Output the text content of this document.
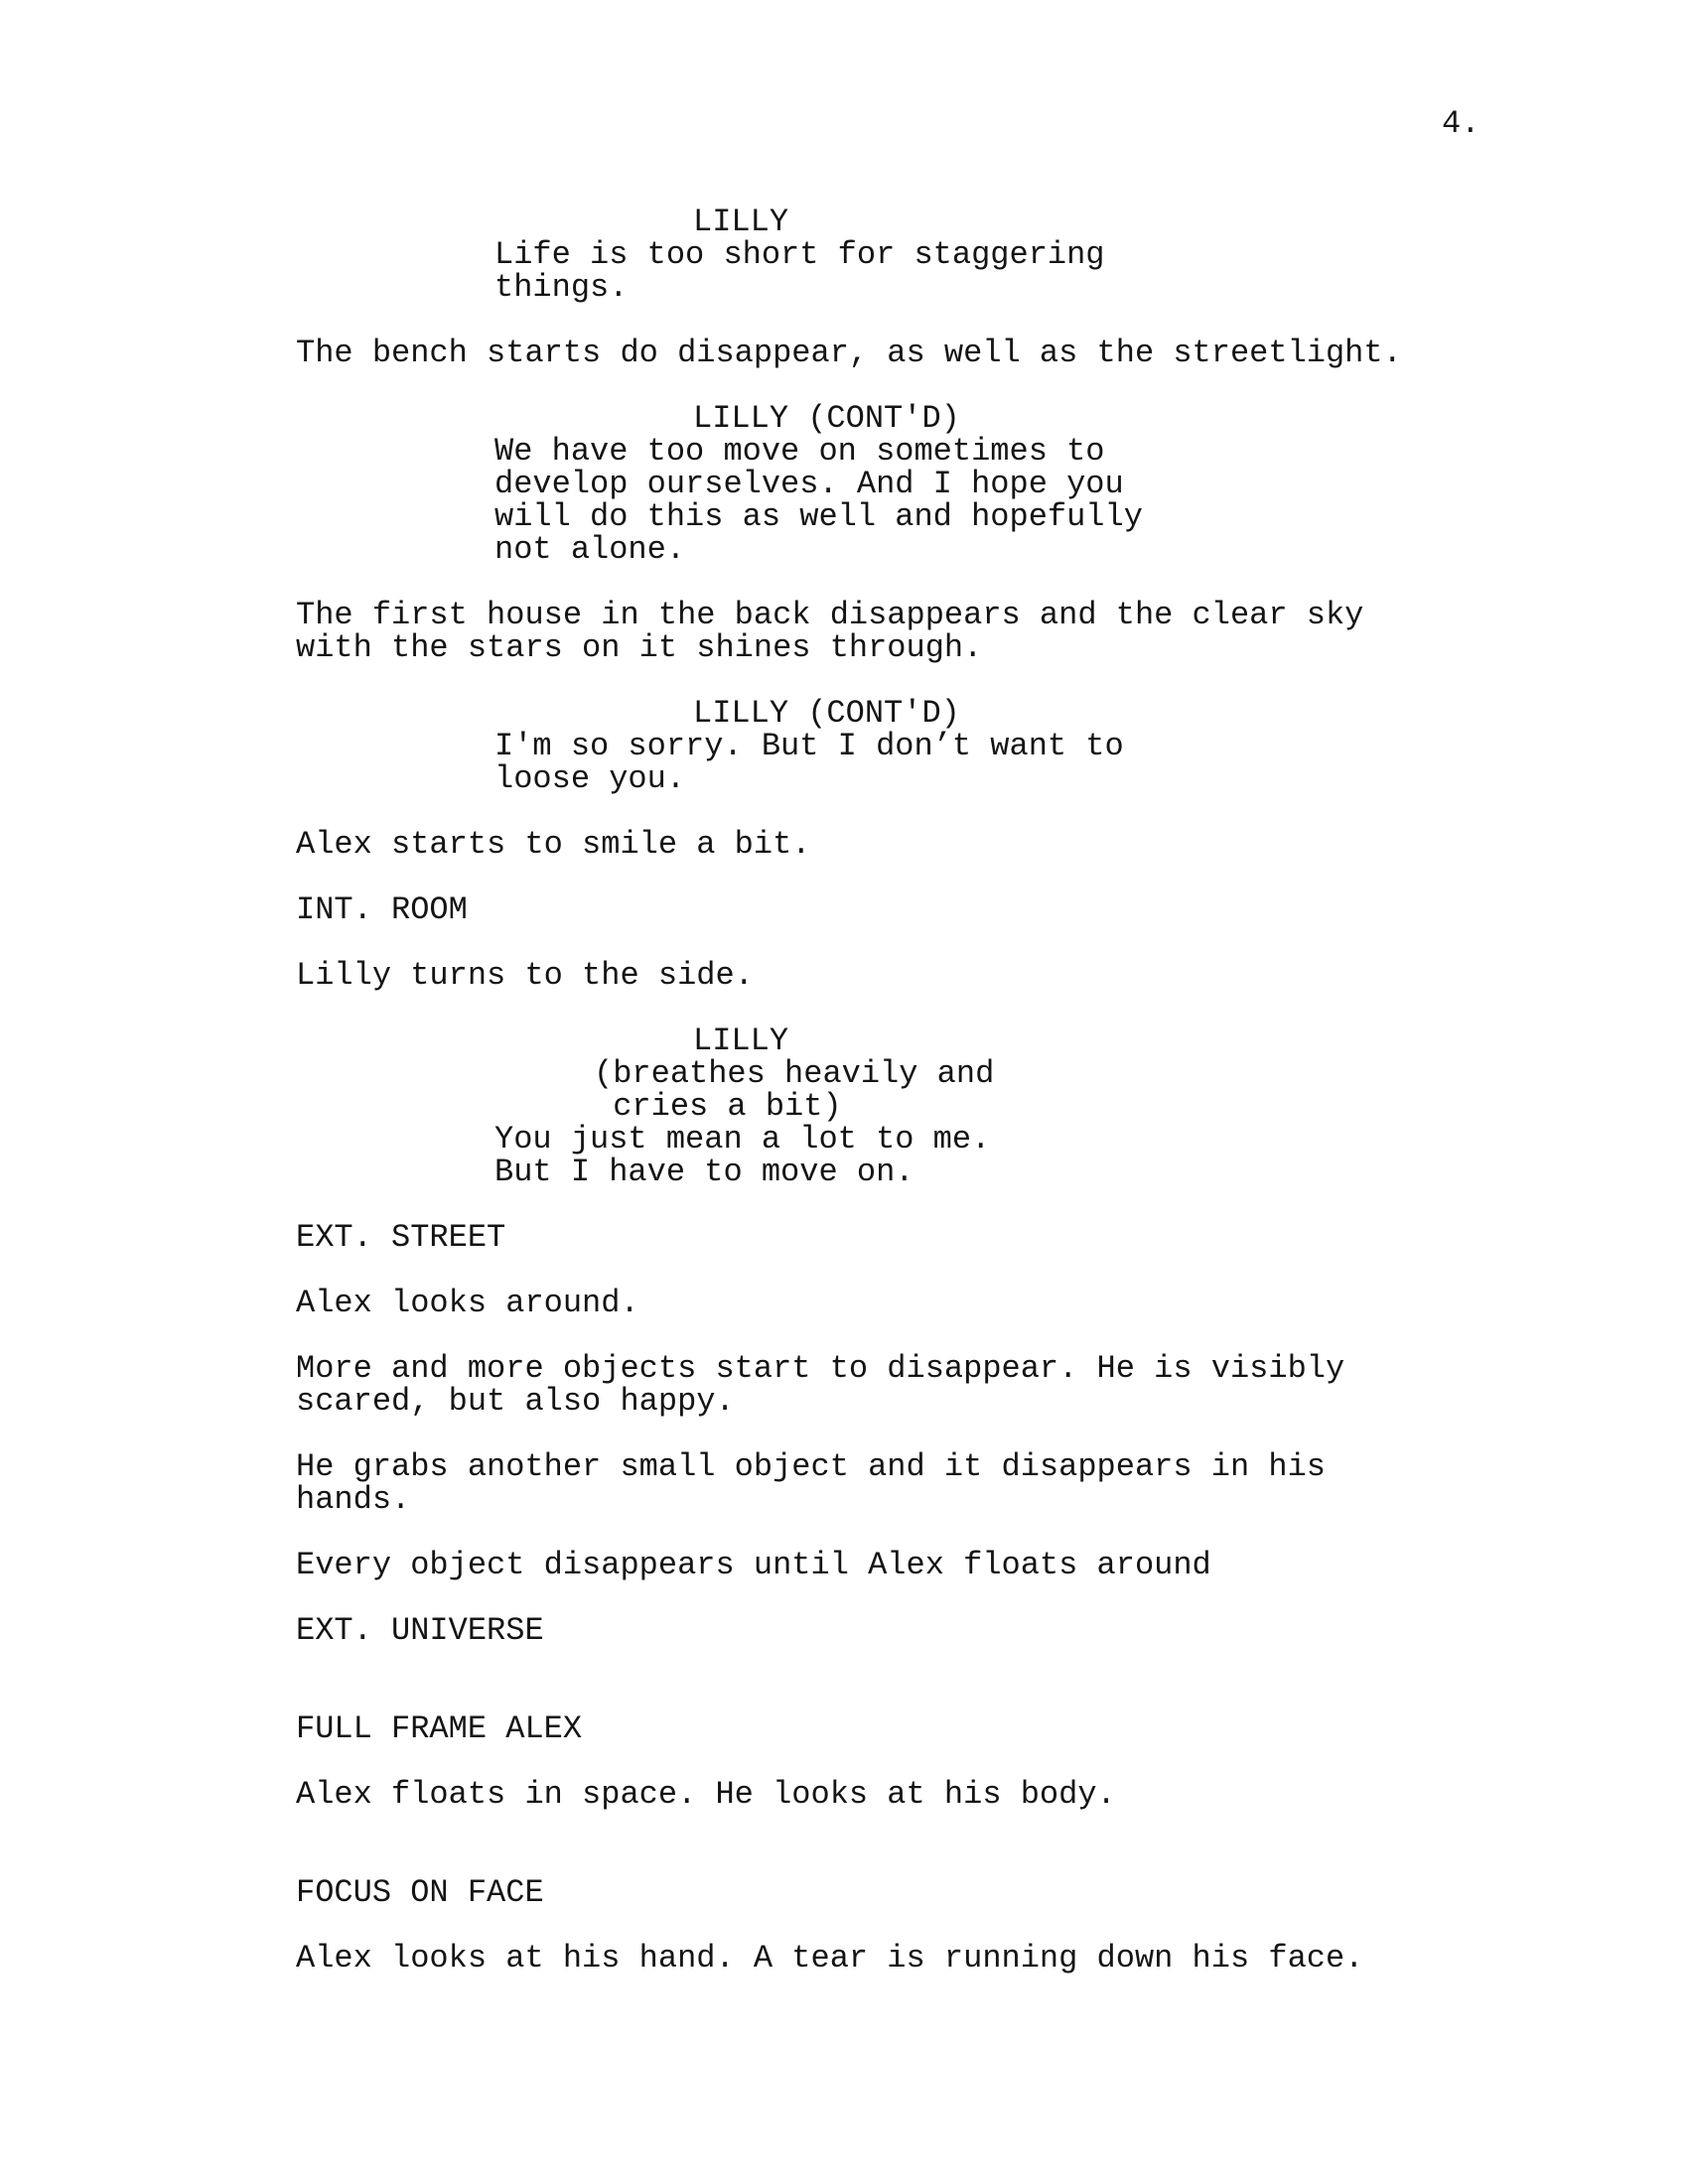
4.
LILLY
Life is too short for staggering
things.
The bench starts do disappear, as well as the streetlight.
LILLY (CONT'D)
We have too move on sometimes to
develop ourselves. And I hope you
will do this as well and hopefully
not alone.
The first house in the back disappears and the clear sky
with the stars on it shines through.
LILLY (CONT'D)
I'm so sorry. But I don’t want to
loose you.
Alex starts to smile a bit.
INT. ROOM
Lilly turns to the side.
LILLY
(breathes heavily and
cries a bit)
You just mean a lot to me.
But I have to move on.
EXT. STREET
Alex looks around.
More and more objects start to disappear. He is visibly
scared, but also happy.
He grabs another small object and it disappears in his
hands.
Every object disappears until Alex floats around
EXT. UNIVERSE
FULL FRAME ALEX
Alex floats in space. He looks at his body.
FOCUS ON FACE
Alex looks at his hand. A tear is running down his face.
